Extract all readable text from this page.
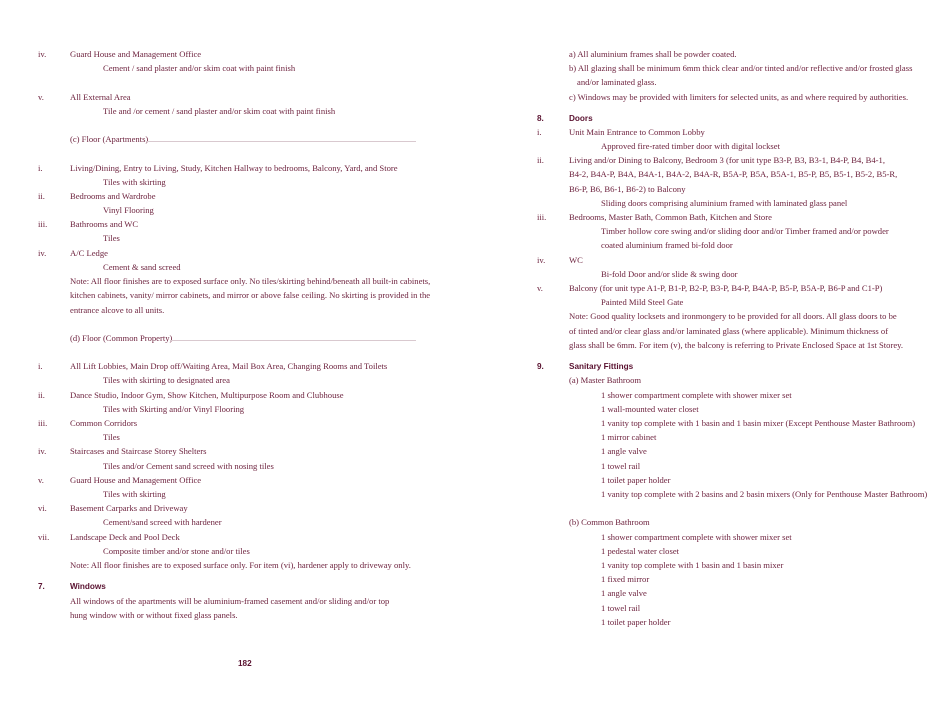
iv.	Guard House and Management Office
Cement / sand plaster and/or skim coat with paint finish
v.	All External Area
Tile and /or cement / sand plaster and/or skim coat with paint finish
(c) Floor (Apartments)
i.	Living/Dining, Entry to Living, Study, Kitchen Hallway to bedrooms, Balcony, Yard, and Store
Tiles with skirting
ii.	Bedrooms and Wardrobe
Vinyl Flooring
iii.	Bathrooms and WC
Tiles
iv.	A/C Ledge
Cement & sand screed
Note: All floor finishes are to exposed surface only. No tiles/skirting behind/beneath all built-in cabinets,
kitchen cabinets, vanity/ mirror cabinets, and mirror or above false ceiling. No skirting is provided in the
entrance alcove to all units.
(d) Floor (Common Property)
i.	All Lift Lobbies, Main Drop off/Waiting Area, Mail Box Area, Changing Rooms and Toilets
Tiles with skirting to designated area
ii.	Dance Studio, Indoor Gym, Show Kitchen, Multipurpose Room and Clubhouse
Tiles with Skirting and/or Vinyl Flooring
iii.	Common Corridors
Tiles
iv.	Staircases and Staircase Storey Shelters
Tiles and/or Cement sand screed with nosing tiles
v.	Guard House and Management Office
Tiles with skirting
vi.	Basement Carparks and Driveway
Cement/sand screed with hardener
vii. Landscape Deck and Pool Deck
Composite timber and/or stone and/or tiles
Note: All floor finishes are to exposed surface only. For item (vi), hardener apply to driveway only.
7.	Windows
All windows of the apartments will be aluminium-framed casement and/or sliding and/or top
hung window with or without fixed glass panels.
182
a) All aluminium frames shall be powder coated.
b) All glazing shall be minimum 6mm thick clear and/or tinted and/or reflective and/or frosted glass
and/or laminated glass.
c) Windows may be provided with limiters for selected units, as and where required by authorities.
8.	Doors
i.	Unit Main Entrance to Common Lobby
Approved fire-rated timber door with digital lockset
ii.	Living and/or Dining to Balcony, Bedroom 3 (for unit type B3-P, B3, B3-1, B4-P, B4, B4-1,
B4-2, B4A-P, B4A, B4A-1, B4A-2, B4A-R, B5A-P, B5A, B5A-1, B5-P, B5, B5-1, B5-2, B5-R,
B6-P, B6, B6-1, B6-2) to Balcony
Sliding doors comprising aluminium framed with laminated glass panel
iii.	Bedrooms, Master Bath, Common Bath, Kitchen and Store
Timber hollow core swing and/or sliding door and/or Timber framed and/or powder
coated aluminium framed bi-fold door
iv.	WC
Bi-fold Door and/or slide & swing door
v.	Balcony (for unit type A1-P, B1-P, B2-P, B3-P, B4-P, B4A-P, B5-P, B5A-P, B6-P and C1-P)
Painted Mild Steel Gate
Note: Good quality locksets and ironmongery to be provided for all doors. All glass doors to be
of tinted and/or clear glass and/or laminated glass (where applicable). Minimum thickness of
glass shall be 6mm. For item (v), the balcony is referring to Private Enclosed Space at 1st Storey.
9.	Sanitary Fittings
(a) Master Bathroom
1 shower compartment complete with shower mixer set
1 wall-mounted water closet
1 vanity top complete with 1 basin and 1 basin mixer (Except Penthouse Master Bathroom)
1 mirror cabinet
1 angle valve
1 towel rail
1 toilet paper holder
1 vanity top complete with 2 basins and 2 basin mixers (Only for Penthouse Master Bathroom)
(b) Common Bathroom
1 shower compartment complete with shower mixer set
1 pedestal water closet
1 vanity top complete with 1 basin and 1 basin mixer
1 fixed mirror
1 angle valve
1 towel rail
1 toilet paper holder
